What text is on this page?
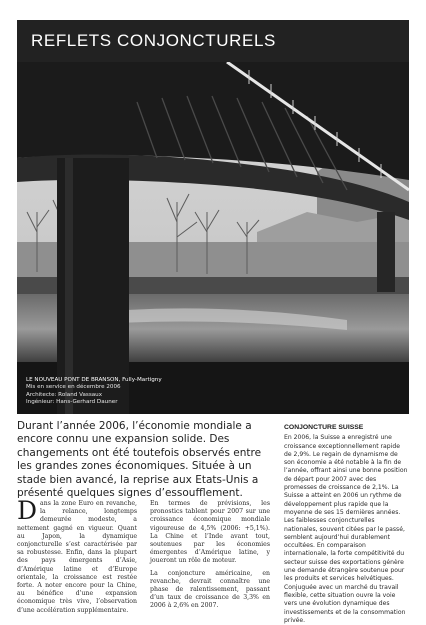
REFLETS CONJONCTURELS
LE NOUVEAU PONT DE BRANSON, Fully-Martigny
Mis en service en décembre 2006
Architecte: Roland Vassaux
Ingénieur: Hans-Gerhard Dauner
Durant l’année 2006, l’économie mondiale a encore connu une expansion solide. Des changements ont été toutefois observés entre les grandes zones économiques. Située à un stade bien avancé, la reprise aux Etats-Unis a présenté quelques signes d’essoufflement.
Dans la zone Euro en revanche, la relance, longtemps demeurée modeste, a nettement gagné en vigueur. Quant au Japon, la dynamique conjoncturelle s’est caractérisée par sa robustesse. Enfin, dans la plupart des pays émergents d’Asie, d’Amérique latine et d’Europe orientale, la croissance est restée forte. A noter encore pour la Chine, au bénéfice d’une expansion économique très vive, l’observation d’une accélération supplémentaire.

En termes de prévisions, les pronostics tablent pour 2007 sur une croissance économique mondiale vigoureuse de 4,5% (2006: +5,1%). La Chine et l’Inde avant tout, soutenues par les économies émergentes d’Amérique latine, y joueront un rôle de moteur.

La conjoncture américaine, en revanche, devrait connaître une phase de ralentissement, passant d’un taux de croissance de 3,3% en 2006 à 2,6% en 2007.

CONJONCTURE SUISSE
En 2006, la Suisse a enregistré une croissance exceptionnellement rapide de 2,9%. Le regain de dynamisme de son économie a été notable à la fin de l’année, offrant ainsi une bonne position de départ pour 2007 avec des promesses de croissance de 2,1%. La Suisse a atteint en 2006 un rythme de développement plus rapide que la moyenne de ses 15 dernières années. Les faiblesses conjoncturelles nationales, souvent citées par le passé, semblent aujourd’hui durablement occultées. En comparaison internationale, la forte compétitivité du secteur suisse des exportations génère une demande étrangère soutenue pour les produits et services helvétiques. Conjuguée avec un marché du travail flexible, cette situation ouvre la voie vers une évolution dynamique des investissements et de la consommation privée.
